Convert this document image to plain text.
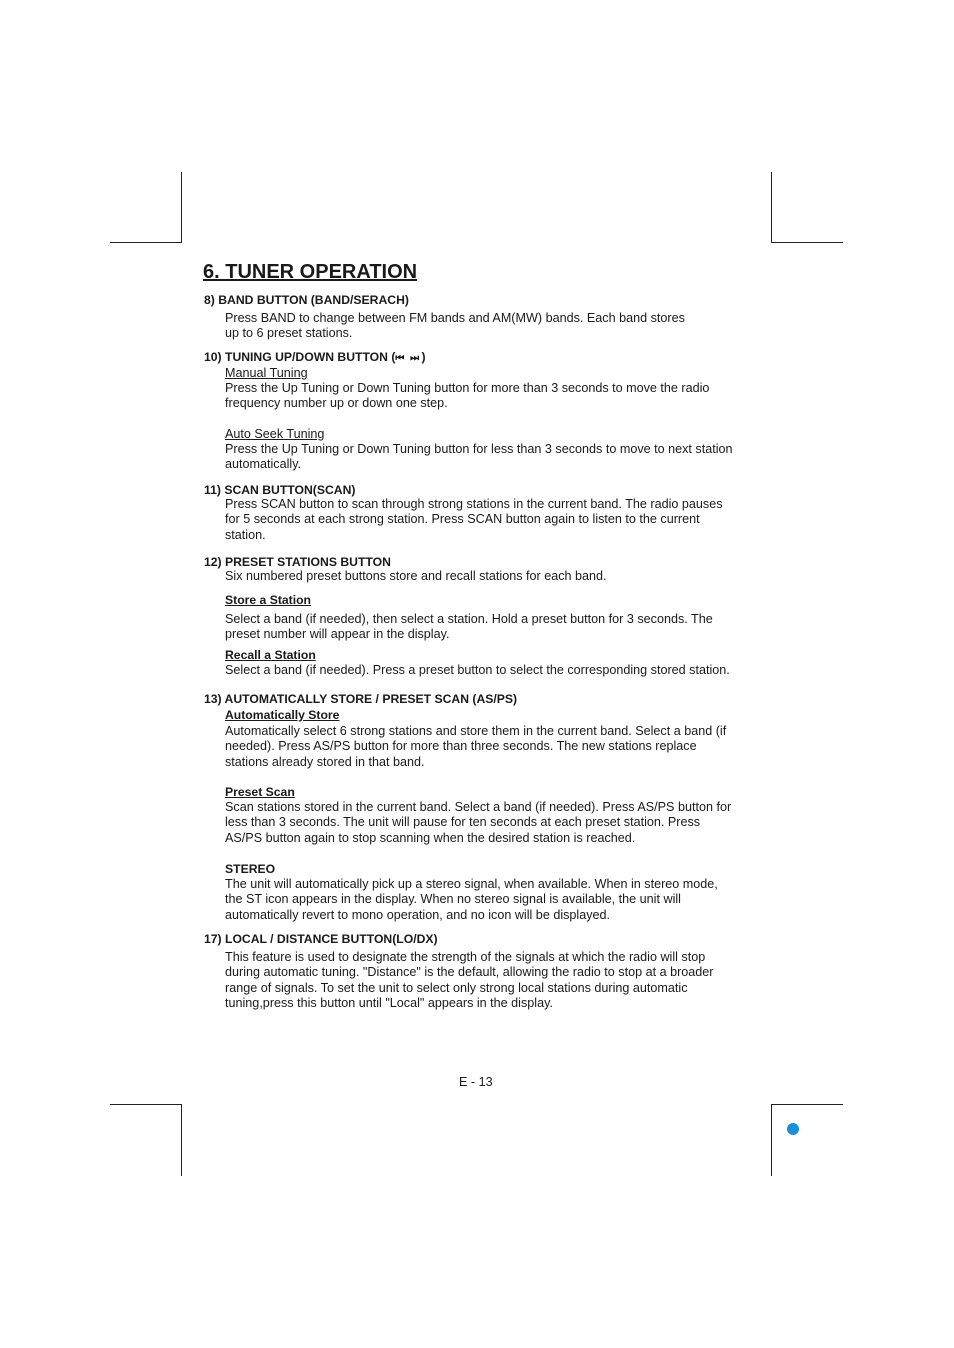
6. TUNER OPERATION

8) BAND BUTTON (BAND/SERACH)

Press BAND to change between FM bands and AM(MW) bands. Each band stores
up to 6 preset stations.

10) TUNING UP/DOWN BUTTON (⏮ ⏭ )

Manual Tuning

Press the Up Tuning or Down Tuning button for more than 3 seconds to move the radio
frequency number up or down one step.

Auto Seek Tuning

Press the Up Tuning or Down Tuning button for less than 3 seconds to move to next station
automatically.

11) SCAN BUTTON(SCAN)

Press SCAN button to scan through strong stations in the current band. The radio pauses
for 5 seconds at each strong station. Press SCAN button again to listen to the current
station.

12) PRESET STATIONS BUTTON

Six numbered preset buttons store and recall stations for each band.

Store a Station

Select a band (if needed), then select a station. Hold a preset button for 3 seconds. The
preset number will appear in the display.

Recall a Station

Select a band (if needed). Press a preset button to select the corresponding stored station.

13) AUTOMATICALLY STORE / PRESET SCAN (AS/PS)

Automatically Store

Automatically select 6 strong stations and store them in the current band. Select a band (if
needed). Press AS/PS button for more than three seconds. The new stations replace
stations already stored in that band.

Preset Scan

Scan stations stored in the current band. Select a band (if needed). Press AS/PS button for
less than 3 seconds. The unit will pause for ten seconds at each preset station. Press
AS/PS button again to stop scanning when the desired station is reached.

STEREO

The unit will automatically pick up a stereo signal, when available. When in stereo mode,
the ST icon appears in the display. When no stereo signal is available, the unit will
automatically revert to mono operation, and no icon will be displayed.

17) LOCAL / DISTANCE BUTTON(LO/DX)

This feature is used to designate the strength of the signals at which the radio will stop
during automatic tuning. "Distance" is the default, allowing the radio to stop at a broader
range of signals. To set the unit to select only strong local stations during automatic
tuning,press this button until "Local" appears in the display.

E - 13
